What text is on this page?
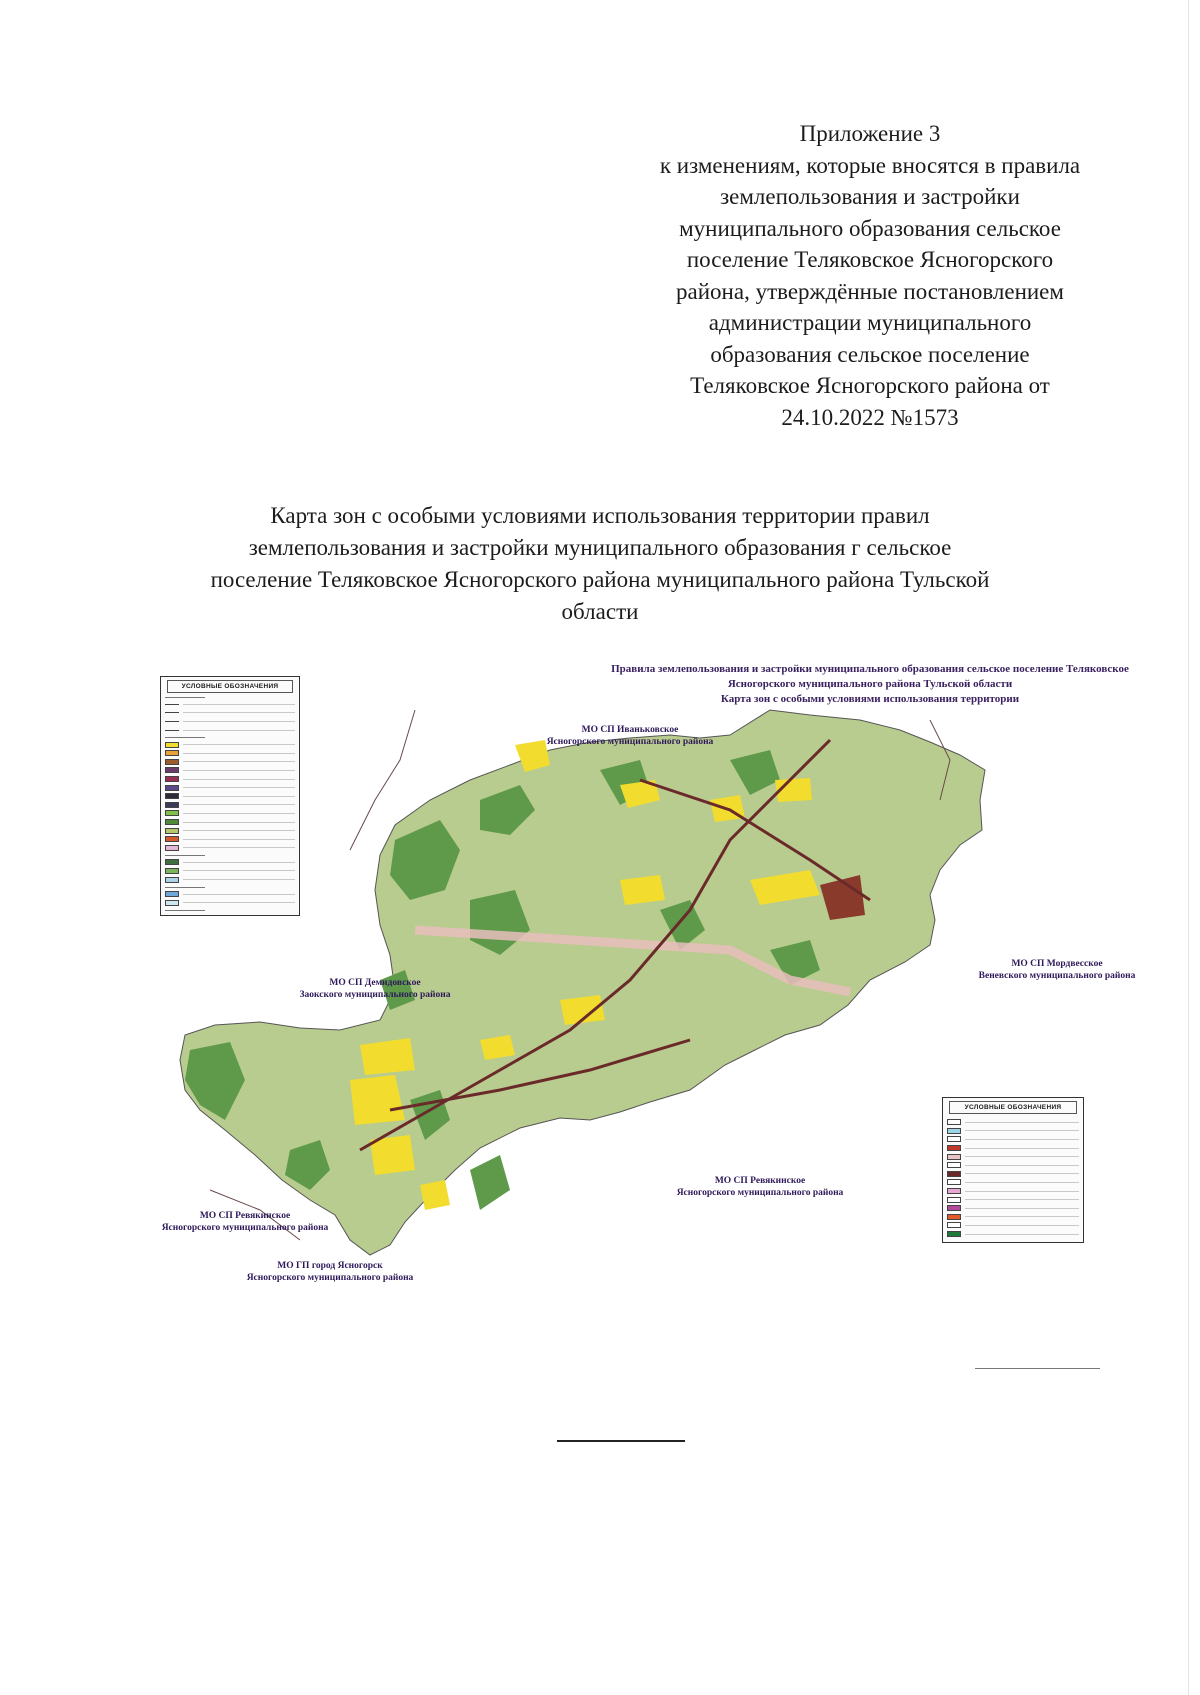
Приложение 3
к изменениям, которые вносятся в правила
землепользования и застройки
муниципального образования сельское
поселение Теляковское Ясногорского
района, утверждённые постановлением
администрации муниципального
образования сельское поселение
Теляковское Ясногорского района от
24.10.2022 №1573
Карта зон с особыми условиями использования территории правил
землепользования и застройки муниципального образования г сельское
поселение Теляковское Ясногорского района муниципального района Тульской
области
Правила землепользования и застройки муниципального образования сельское поселение Теляковское
Ясногорского муниципального района Тульской области
Карта зон с особыми условиями использования территории
УСЛОВНЫЕ ОБОЗНАЧЕНИЯ
УСЛОВНЫЕ ОБОЗНАЧЕНИЯ
МО СП Иваньковское
Ясногорского муниципального района
МО СП Мордвесское
Веневского муниципального района
МО СП Демидовское
Заокского муниципального района
МО СП Ревякинское
Ясногорского муниципального района
МО СП Ревякинское
Ясногорского муниципального района
МО ГП город Ясногорск
Ясногорского муниципального района
